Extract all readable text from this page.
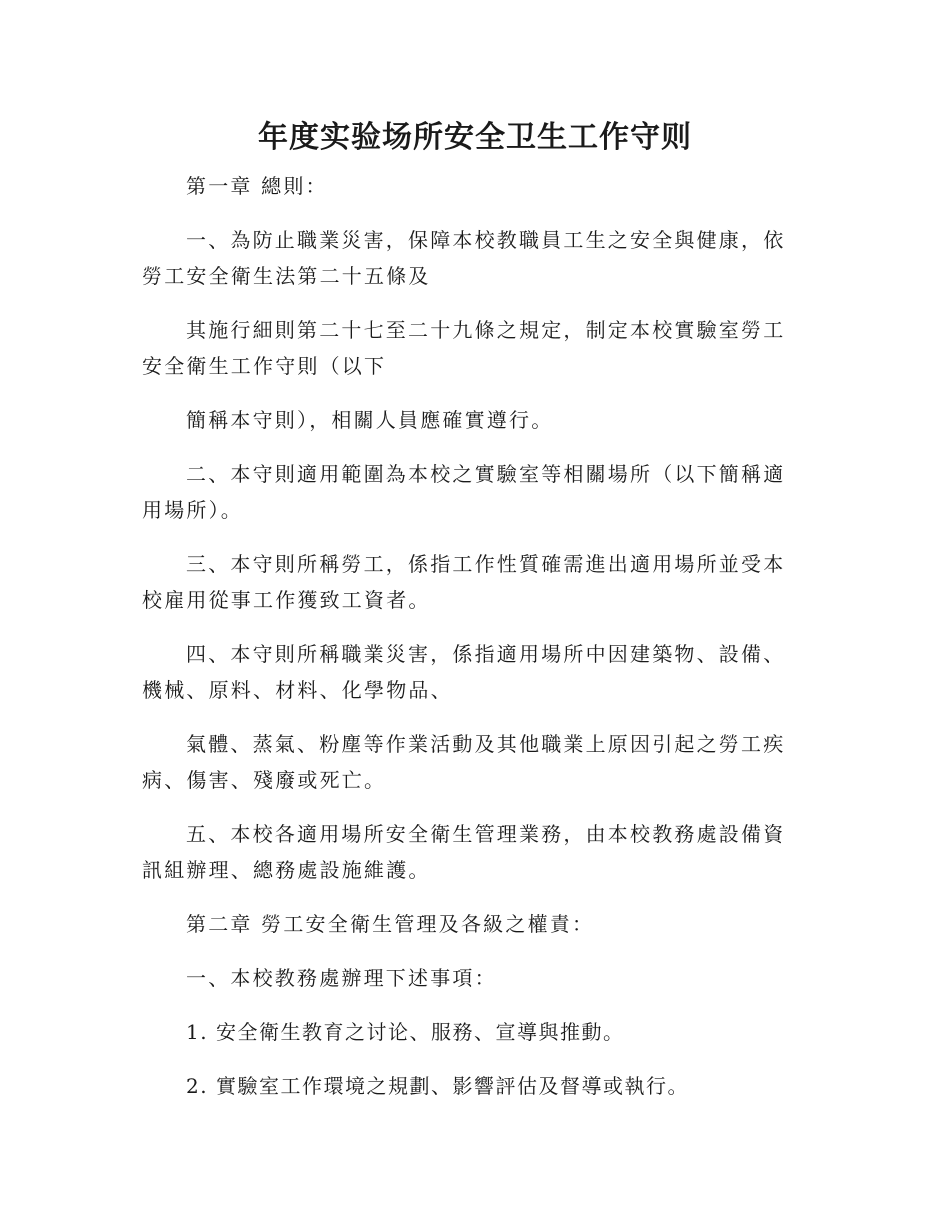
年度实验场所安全卫生工作守则

第一章 總則：

一、為防止職業災害，保障本校教職員工生之安全與健康，依勞工安全衛生法第二十五條及

其施行細則第二十七至二十九條之規定，制定本校實驗室勞工安全衛生工作守則（以下

簡稱本守則），相關人員應確實遵行。

二、本守則適用範圍為本校之實驗室等相關場所（以下簡稱適用場所）。

三、本守則所稱勞工，係指工作性質確需進出適用場所並受本校雇用從事工作獲致工資者。

四、本守則所稱職業災害，係指適用場所中因建築物、設備、機械、原料、材料、化學物品、

氣體、蒸氣、粉塵等作業活動及其他職業上原因引起之勞工疾病、傷害、殘廢或死亡。

五、本校各適用場所安全衛生管理業務，由本校教務處設備資訊組辦理、總務處設施維護。

第二章 勞工安全衛生管理及各級之權責：

一、本校教務處辦理下述事項：

1. 安全衛生教育之讨论、服務、宣導與推動。

2. 實驗室工作環境之規劃、影響評估及督導或執行。
